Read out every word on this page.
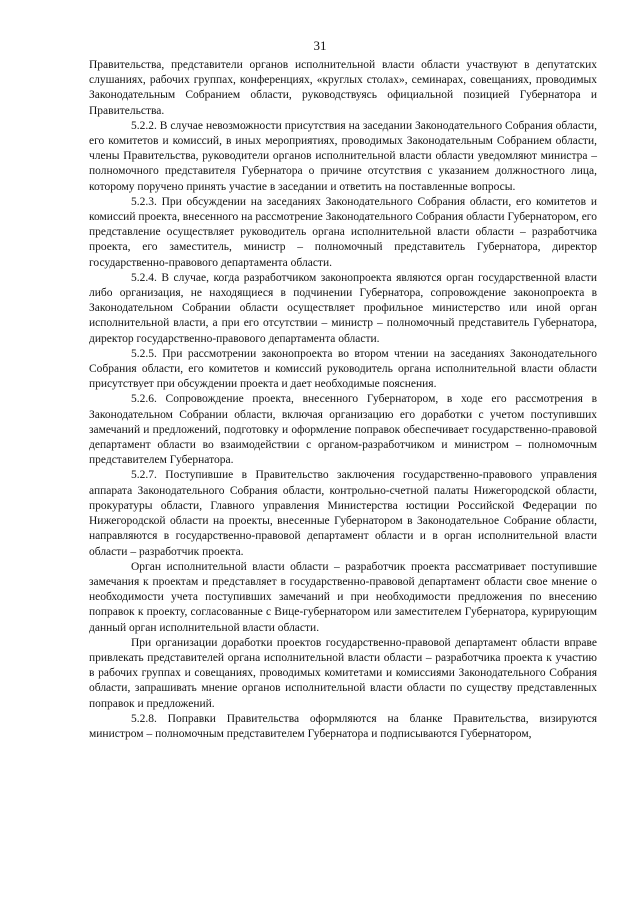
31

Правительства, представители органов исполнительной власти области участвуют в депутатских слушаниях, рабочих группах, конференциях, «круглых столах», семинарах, совещаниях, проводимых Законодательным Собранием области, руководствуясь официальной позицией Губернатора и Правительства.

5.2.2. В случае невозможности присутствия на заседании Законодательного Собрания области, его комитетов и комиссий, в иных мероприятиях, проводимых Законодательным Собранием области, члены Правительства, руководители органов исполнительной власти области уведомляют министра – полномочного представителя Губернатора о причине отсутствия с указанием должностного лица, которому поручено принять участие в заседании и ответить на поставленные вопросы.

5.2.3. При обсуждении на заседаниях Законодательного Собрания области, его комитетов и комиссий проекта, внесенного на рассмотрение Законодательного Собрания области Губернатором, его представление осуществляет руководитель органа исполнительной власти области – разработчика проекта, его заместитель, министр – полномочный представитель Губернатора, директор государственно-правового департамента области.

5.2.4. В случае, когда разработчиком законопроекта являются орган государственной власти либо организация, не находящиеся в подчинении Губернатора, сопровождение законопроекта в Законодательном Собрании области осуществляет профильное министерство или иной орган исполнительной власти, а при его отсутствии – министр – полномочный представитель Губернатора, директор государственно-правового департамента области.

5.2.5. При рассмотрении законопроекта во втором чтении на заседаниях Законодательного Собрания области, его комитетов и комиссий руководитель органа исполнительной власти области присутствует при обсуждении проекта и дает необходимые пояснения.

5.2.6. Сопровождение проекта, внесенного Губернатором, в ходе его рассмотрения в Законодательном Собрании области, включая организацию его доработки с учетом поступивших замечаний и предложений, подготовку и оформление поправок обеспечивает государственно-правовой департамент области во взаимодействии с органом-разработчиком и министром – полномочным представителем Губернатора.

5.2.7. Поступившие в Правительство заключения государственно-правового управления аппарата Законодательного Собрания области, контрольно-счетной палаты Нижегородской области, прокуратуры области, Главного управления Министерства юстиции Российской Федерации по Нижегородской области на проекты, внесенные Губернатором в Законодательное Собрание области, направляются в государственно-правовой департамент области и в орган исполнительной власти области – разработчик проекта.

Орган исполнительной власти области – разработчик проекта рассматривает поступившие замечания к проектам и представляет в государственно-правовой департамент области свое мнение о необходимости учета поступивших замечаний и при необходимости предложения по внесению поправок к проекту, согласованные с Вице-губернатором или заместителем Губернатора, курирующим данный орган исполнительной власти области.

При организации доработки проектов государственно-правовой департамент области вправе привлекать представителей органа исполнительной власти области – разработчика проекта к участию в рабочих группах и совещаниях, проводимых комитетами и комиссиями Законодательного Собрания области, запрашивать мнение органов исполнительной власти области по существу представленных поправок и предложений.

5.2.8. Поправки Правительства оформляются на бланке Правительства, визируются министром – полномочным представителем Губернатора и подписываются Губернатором,
